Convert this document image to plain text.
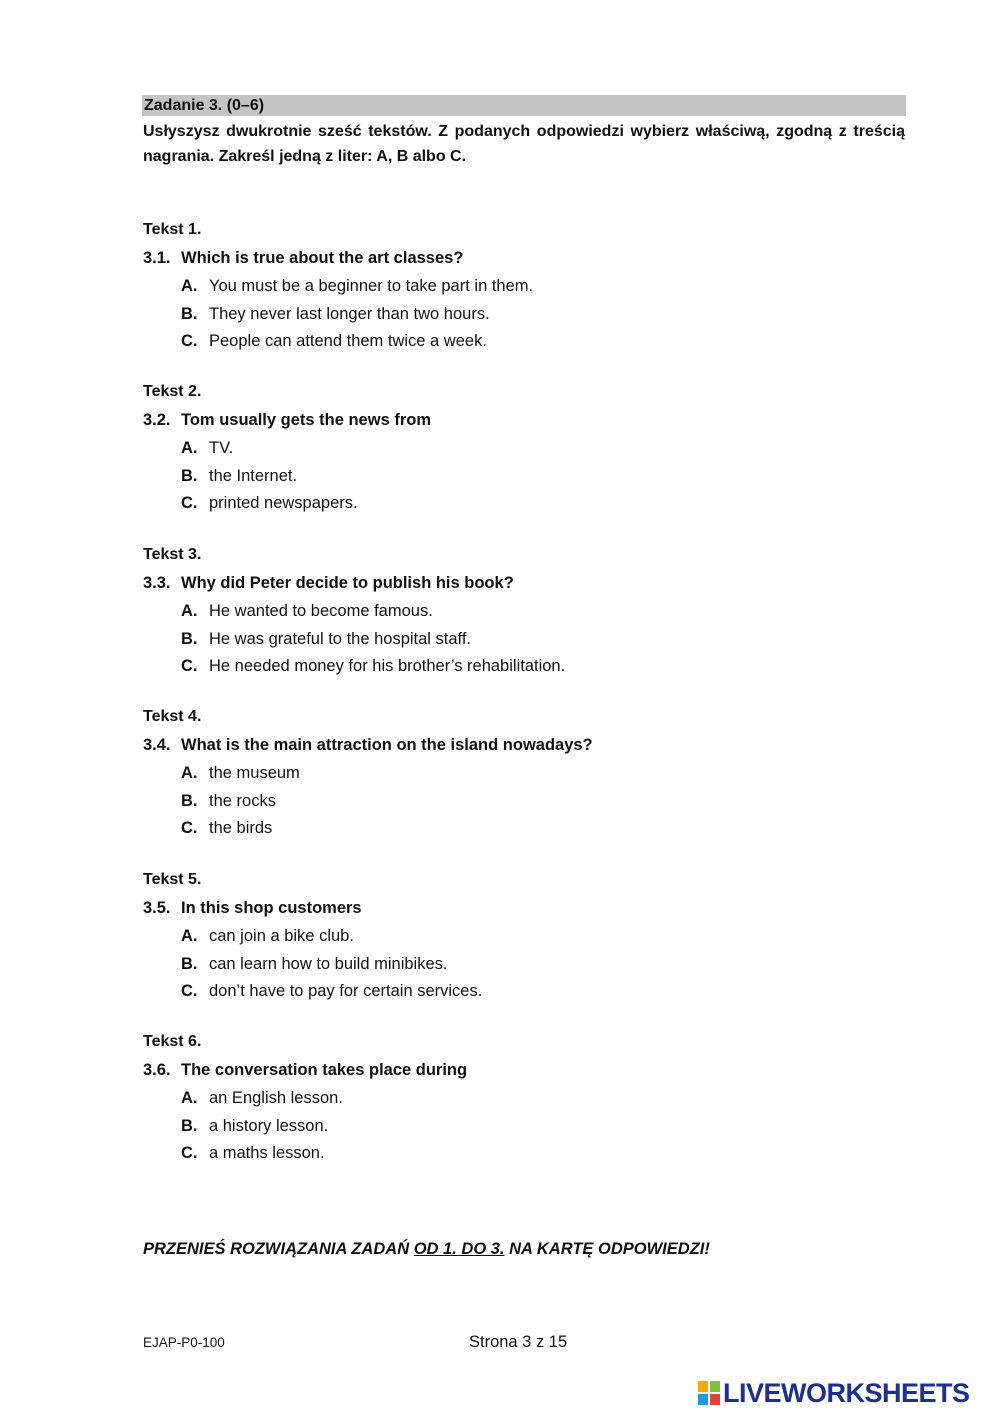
Zadanie 3. (0–6)
Usłyszysz dwukrotnie sześć tekstów. Z podanych odpowiedzi wybierz właściwą, zgodną z treścią nagrania. Zakreśl jedną z liter: A, B albo C.
Tekst 1.
3.1. Which is true about the art classes?
A. You must be a beginner to take part in them.
B. They never last longer than two hours.
C. People can attend them twice a week.
Tekst 2.
3.2. Tom usually gets the news from
A. TV.
B. the Internet.
C. printed newspapers.
Tekst 3.
3.3. Why did Peter decide to publish his book?
A. He wanted to become famous.
B. He was grateful to the hospital staff.
C. He needed money for his brother’s rehabilitation.
Tekst 4.
3.4. What is the main attraction on the island nowadays?
A. the museum
B. the rocks
C. the birds
Tekst 5.
3.5. In this shop customers
A. can join a bike club.
B. can learn how to build minibikes.
C. don’t have to pay for certain services.
Tekst 6.
3.6. The conversation takes place during
A. an English lesson.
B. a history lesson.
C. a maths lesson.
PRZENIEŚ ROZWIĄZANIA ZADAŃ OD 1. DO 3. NA KARTĘ ODPOWIEDZI!
EJAP-P0-100	Strona 3 z 15
LIVEWORKSHEETS
